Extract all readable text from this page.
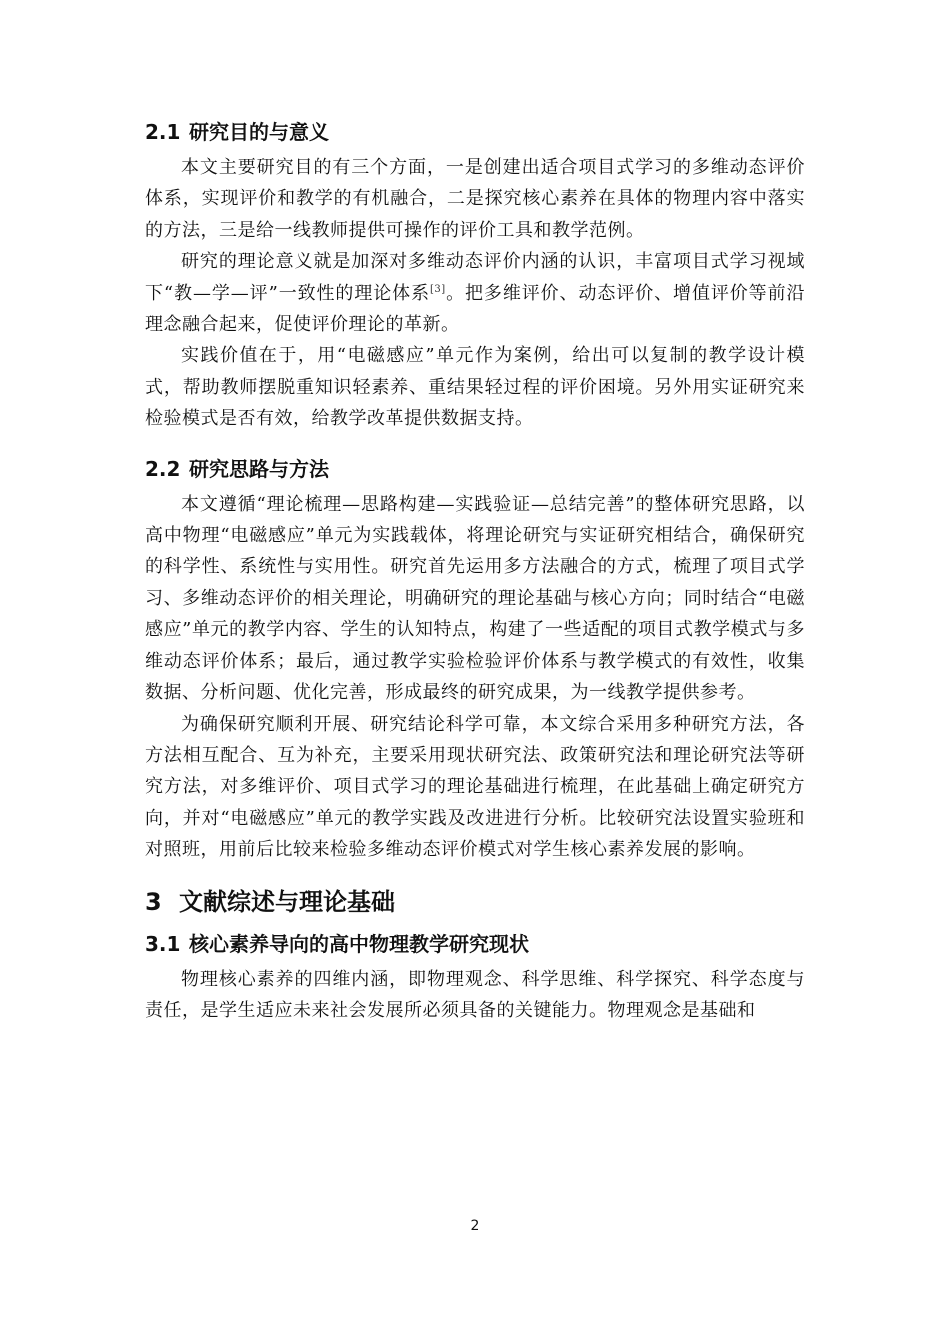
2.1 研究目的与意义

本文主要研究目的有三个方面，一是创建出适合项目式学习的多维动态评价体系，实现评价和教学的有机融合，二是探究核心素养在具体的物理内容中落实的方法，三是给一线教师提供可操作的评价工具和教学范例。

研究的理论意义就是加深对多维动态评价内涵的认识，丰富项目式学习视域下“教—学—评”一致性的理论体系[3]。把多维评价、动态评价、增值评价等前沿理念融合起来，促使评价理论的革新。

实践价值在于，用“电磁感应”单元作为案例，给出可以复制的教学设计模式，帮助教师摆脱重知识轻素养、重结果轻过程的评价困境。另外用实证研究来检验模式是否有效，给教学改革提供数据支持。

2.2 研究思路与方法

本文遵循“理论梳理—思路构建—实践验证—总结完善”的整体研究思路，以高中物理“电磁感应”单元为实践载体，将理论研究与实证研究相结合，确保研究的科学性、系统性与实用性。研究首先运用多方法融合的方式，梳理了项目式学习、多维动态评价的相关理论，明确研究的理论基础与核心方向；同时结合“电磁感应”单元的教学内容、学生的认知特点，构建了一些适配的项目式教学模式与多维动态评价体系；最后，通过教学实验检验评价体系与教学模式的有效性，收集数据、分析问题、优化完善，形成最终的研究成果，为一线教学提供参考。

为确保研究顺利开展、研究结论科学可靠，本文综合采用多种研究方法，各方法相互配合、互为补充，主要采用现状研究法、政策研究法和理论研究法等研究方法，对多维评价、项目式学习的理论基础进行梳理，在此基础上确定研究方向，并对“电磁感应”单元的教学实践及改进进行分析。比较研究法设置实验班和对照班，用前后比较来检验多维动态评价模式对学生核心素养发展的影响。

3 文献综述与理论基础
3.1 核心素养导向的高中物理教学研究现状

物理核心素养的四维内涵，即物理观念、科学思维、科学探究、科学态度与责任，是学生适应未来社会发展所必须具备的关键能力。物理观念是基础和

2
